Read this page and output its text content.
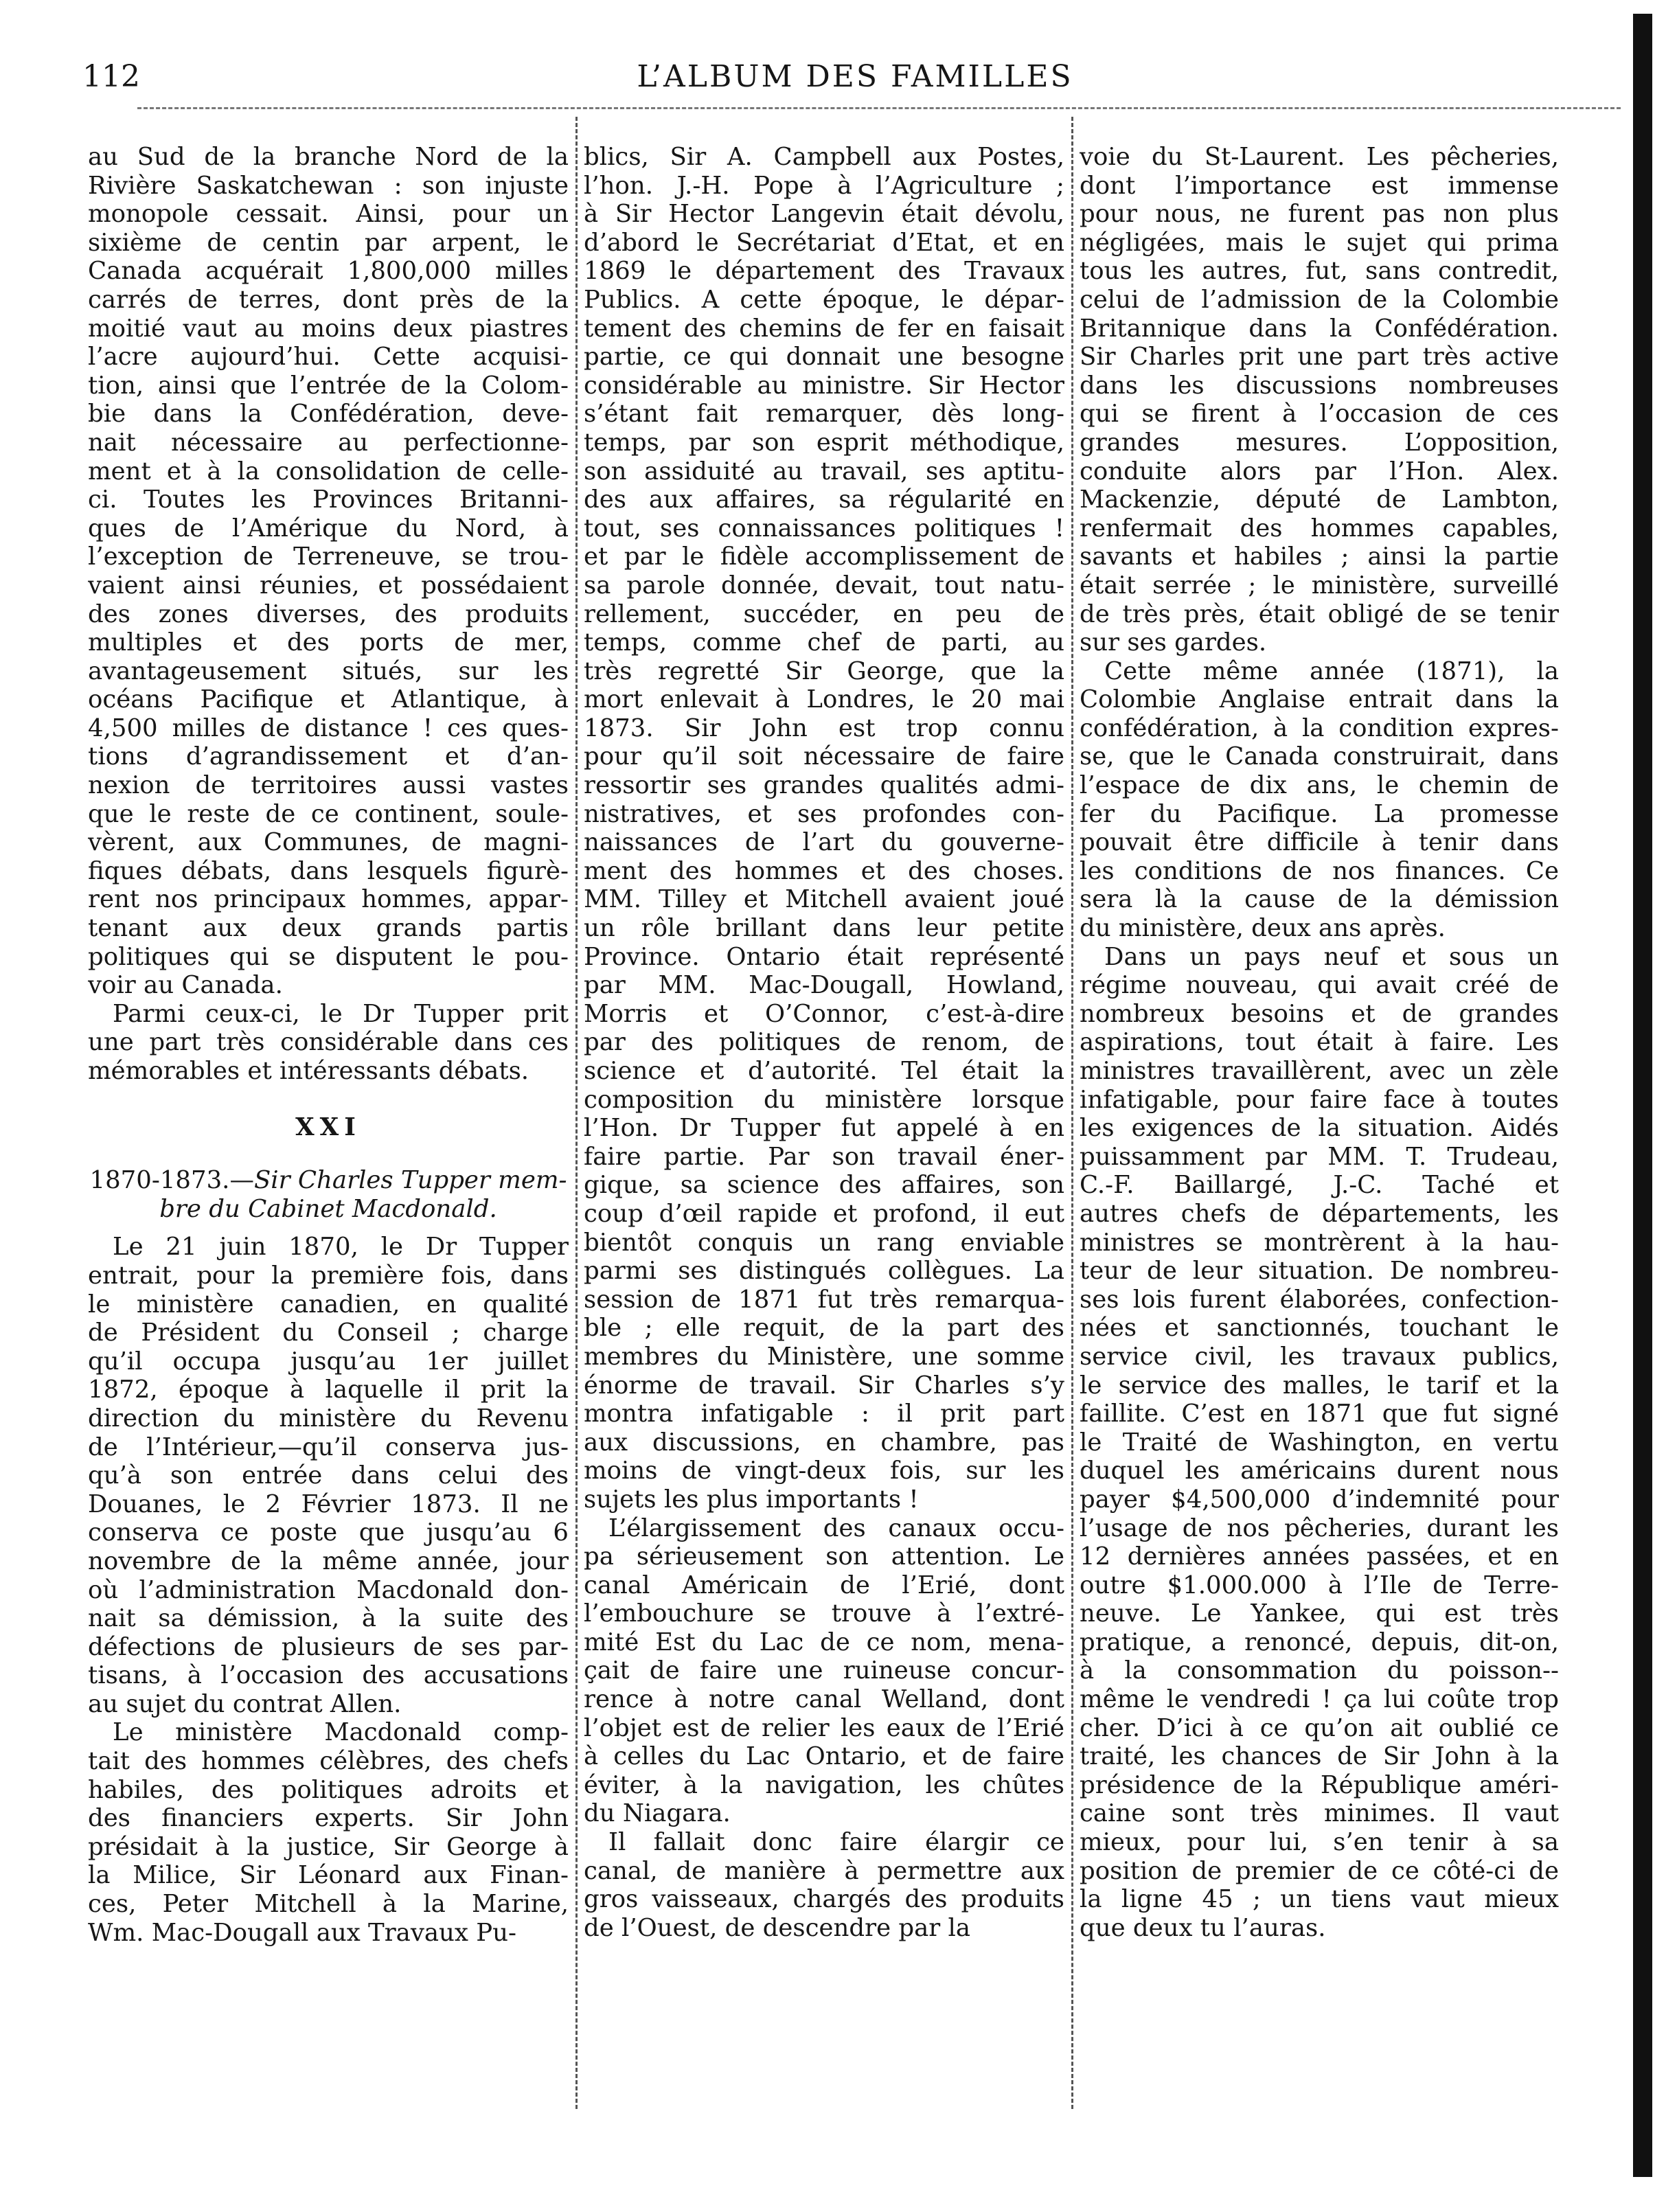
112	L’ALBUM DES FAMILLES

au Sud de la branche Nord de la

Rivière Saskatchewan : son injuste

monopole cessait. Ainsi, pour un

sixième de centin par arpent, le

Canada acquérait 1,800,000 milles

carrés de terres, dont près de la

moitié vaut au moins deux piastres

l’acre aujourd’hui. Cette acquisi-

tion, ainsi que l’entrée de la Colom-

bie dans la Confédération, deve-

nait nécessaire au perfectionne-

ment et à la consolidation de celle-

ci. Toutes les Provinces Britanni-

ques de l’Amérique du Nord, à

l’exception de Terreneuve, se trou-

vaient ainsi réunies, et possédaient

des zones diverses, des produits

multiples et des ports de mer,

avantageusement situés, sur les

océans Pacifique et Atlantique, à

4,500 milles de distance ! ces ques-

tions d’agrandissement et d’an-

nexion de territoires aussi vastes

que le reste de ce continent, soule-

vèrent, aux Communes, de magni-

fiques débats, dans lesquels figurè-

rent nos principaux hommes, appar-

tenant aux deux grands partis

politiques qui se disputent le pou-

voir au Canada.

Parmi ceux-ci, le Dr Tupper prit

une part très considérable dans ces

mémorables et intéressants débats.

XXI

1870-1873.—Sir Charles Tupper mem-
bre du Cabinet Macdonald.

Le 21 juin 1870, le Dr Tupper

entrait, pour la première fois, dans

le ministère canadien, en qualité

de Président du Conseil ; charge

qu’il occupa jusqu’au 1er juillet

1872, époque à laquelle il prit la

direction du ministère du Revenu

de l’Intérieur,—qu’il conserva jus-

qu’à son entrée dans celui des

Douanes, le 2 Février 1873. Il ne

conserva ce poste que jusqu’au 6

novembre de la même année, jour

où l’administration Macdonald don-

nait sa démission, à la suite des

défections de plusieurs de ses par-

tisans, à l’occasion des accusations

au sujet du contrat Allen.

Le ministère Macdonald comp-

tait des hommes célèbres, des chefs

habiles, des politiques adroits et

des financiers experts. Sir John

présidait à la justice, Sir George à

la Milice, Sir Léonard aux Finan-

ces, Peter Mitchell à la Marine,

Wm. Mac-Dougall aux Travaux Pu-

blics, Sir A. Campbell aux Postes,

l’hon. J.-H. Pope à l’Agriculture ;

à Sir Hector Langevin était dévolu,

d’abord le Secrétariat d’Etat, et en

1869 le département des Travaux

Publics. A cette époque, le dépar-

tement des chemins de fer en faisait

partie, ce qui donnait une besogne

considérable au ministre. Sir Hector

s’étant fait remarquer, dès long-

temps, par son esprit méthodique,

son assiduité au travail, ses aptitu-

des aux affaires, sa régularité en

tout, ses connaissances politiques !

et par le fidèle accomplissement de

sa parole donnée, devait, tout natu-

rellement, succéder, en peu de

temps, comme chef de parti, au

très regretté Sir George, que la

mort enlevait à Londres, le 20 mai

1873. Sir John est trop connu

pour qu’il soit nécessaire de faire

ressortir ses grandes qualités admi-

nistratives, et ses profondes con-

naissances de l’art du gouverne-

ment des hommes et des choses.

MM. Tilley et Mitchell avaient joué

un rôle brillant dans leur petite

Province. Ontario était représenté

par MM. Mac-Dougall, Howland,

Morris et O’Connor, c’est-à-dire

par des politiques de renom, de

science et d’autorité. Tel était la

composition du ministère lorsque

l’Hon. Dr Tupper fut appelé à en

faire partie. Par son travail éner-

gique, sa science des affaires, son

coup d’œil rapide et profond, il eut

bientôt conquis un rang enviable

parmi ses distingués collègues. La

session de 1871 fut très remarqua-

ble ; elle requit, de la part des

membres du Ministère, une somme

énorme de travail. Sir Charles s’y

montra infatigable : il prit part

aux discussions, en chambre, pas

moins de vingt-deux fois, sur les

sujets les plus importants !

L’élargissement des canaux occu-

pa sérieusement son attention. Le

canal Américain de l’Erié, dont

l’embouchure se trouve à l’extré-

mité Est du Lac de ce nom, mena-

çait de faire une ruineuse concur-

rence à notre canal Welland, dont

l’objet est de relier les eaux de l’Erié

à celles du Lac Ontario, et de faire

éviter, à la navigation, les chûtes

du Niagara.

Il fallait donc faire élargir ce

canal, de manière à permettre aux

gros vaisseaux, chargés des produits

de l’Ouest, de descendre par la

voie du St-Laurent. Les pêcheries,

dont l’importance est immense

pour nous, ne furent pas non plus

négligées, mais le sujet qui prima

tous les autres, fut, sans contredit,

celui de l’admission de la Colombie

Britannique dans la Confédération.

Sir Charles prit une part très active

dans les discussions nombreuses

qui se firent à l’occasion de ces

grandes mesures. L’opposition,

conduite alors par l’Hon. Alex.

Mackenzie, député de Lambton,

renfermait des hommes capables,

savants et habiles ; ainsi la partie

était serrée ; le ministère, surveillé

de très près, était obligé de se tenir

sur ses gardes.

Cette même année (1871), la

Colombie Anglaise entrait dans la

confédération, à la condition expres-

se, que le Canada construirait, dans

l’espace de dix ans, le chemin de

fer du Pacifique. La promesse

pouvait être difficile à tenir dans

les conditions de nos finances. Ce

sera là la cause de la démission

du ministère, deux ans après.

Dans un pays neuf et sous un

régime nouveau, qui avait créé de

nombreux besoins et de grandes

aspirations, tout était à faire. Les

ministres travaillèrent, avec un zèle

infatigable, pour faire face à toutes

les exigences de la situation. Aidés

puissamment par MM. T. Trudeau,

C.-F. Baillargé, J.-C. Taché et

autres chefs de départements, les

ministres se montrèrent à la hau-

teur de leur situation. De nombreu-

ses lois furent élaborées, confection-

nées et sanctionnés, touchant le

service civil, les travaux publics,

le service des malles, le tarif et la

faillite. C’est en 1871 que fut signé

le Traité de Washington, en vertu

duquel les américains durent nous

payer $4,500,000 d’indemnité pour

l’usage de nos pêcheries, durant les

12 dernières années passées, et en

outre $1.000.000 à l’Ile de Terre-

neuve. Le Yankee, qui est très

pratique, a renoncé, depuis, dit-on,

à la consommation du poisson--

même le vendredi ! ça lui coûte trop

cher. D’ici à ce qu’on ait oublié ce

traité, les chances de Sir John à la

présidence de la République améri-

caine sont très minimes. Il vaut

mieux, pour lui, s’en tenir à sa

position de premier de ce côté-ci de

la ligne 45 ; un tiens vaut mieux

que deux tu l’auras.
